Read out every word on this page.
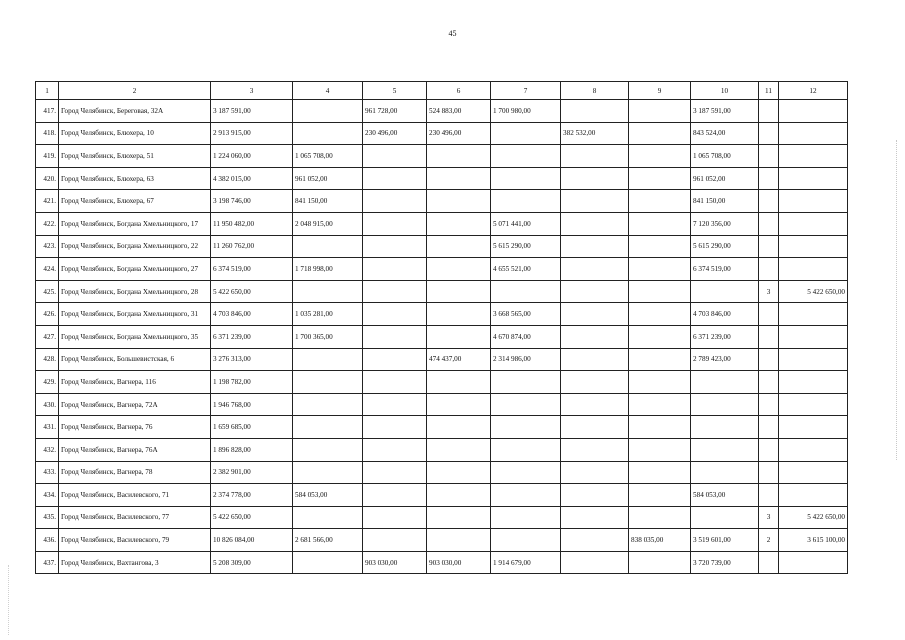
45
1	2	3	4	5	6	7	8	9	10	11	12
417.	Город Челябинск, Береговая, 32А	3 187 591,00		961 728,00	524 883,00	1 700 980,00			3 187 591,00		
418.	Город Челябинск, Блюхера, 10	2 913 915,00		230 496,00	230 496,00		382 532,00		843 524,00		
419.	Город Челябинск, Блюхера, 51	1 224 060,00	1 065 708,00						1 065 708,00		
420.	Город Челябинск, Блюхера, 63	4 382 015,00	961 052,00						961 052,00		
421.	Город Челябинск, Блюхера, 67	3 198 746,00	841 150,00						841 150,00		
422.	Город Челябинск, Богдана Хмельницкого, 17	11 950 482,00	2 048 915,00			5 071 441,00			7 120 356,00		
423.	Город Челябинск, Богдана Хмельницкого, 22	11 260 762,00				5 615 290,00			5 615 290,00		
424.	Город Челябинск, Богдана Хмельницкого, 27	6 374 519,00	1 718 998,00			4 655 521,00			6 374 519,00		
425.	Город Челябинск, Богдана Хмельницкого, 28	5 422 650,00								3	5 422 650,00
426.	Город Челябинск, Богдана Хмельницкого, 31	4 703 846,00	1 035 281,00			3 668 565,00			4 703 846,00		
427.	Город Челябинск, Богдана Хмельницкого, 35	6 371 239,00	1 700 365,00			4 670 874,00			6 371 239,00		
428.	Город Челябинск, Большевистская, 6	3 276 313,00			474 437,00	2 314 986,00			2 789 423,00		
429.	Город Челябинск, Вагнера, 116	1 198 782,00									
430.	Город Челябинск, Вагнера, 72А	1 946 768,00									
431.	Город Челябинск, Вагнера, 76	1 659 685,00									
432.	Город Челябинск, Вагнера, 76А	1 896 828,00									
433.	Город Челябинск, Вагнера, 78	2 382 901,00									
434.	Город Челябинск, Василевского, 71	2 374 778,00	584 053,00						584 053,00		
435.	Город Челябинск, Василевского, 77	5 422 650,00								3	5 422 650,00
436.	Город Челябинск, Василевского, 79	10 826 084,00	2 681 566,00					838 035,00	3 519 601,00	2	3 615 100,00
437.	Город Челябинск, Вахтангова, 3	5 208 309,00		903 030,00	903 030,00	1 914 679,00			3 720 739,00		
